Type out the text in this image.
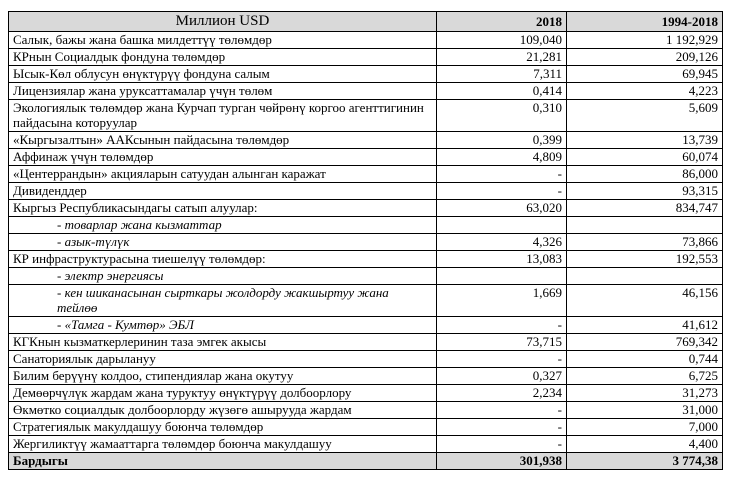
Миллион USD	2018	1994-2018
Салык, бажы жана башка милдеттүү төлөмдөр	109,040	1 192,929
КРнын Социалдык фондуна төлөмдөр	21,281	209,126
Ысык-Көл облусун өнүктүрүү фондуна салым	7,311	69,945
Лицензиялар жана уруксаттамалар үчүн төлөм	0,414	4,223
Экологиялык төлөмдөр жана Курчап турган чөйрөнү коргоо агенттигинин пайдасына которуулар	0,310	5,609
«Кыргызалтын» ААКсынын пайдасына төлөмдөр	0,399	13,739
Аффинаж үчүн төлөмдөр	4,809	60,074
«Центеррандын» акцияларын сатуудан алынган каражат	-	86,000
Дивиденддер	-	93,315
Кыргыз Республикасындагы сатып алуулар:	63,020	834,747
- товарлар жана кызматтар		
- азык-түлүк	4,326	73,866
КР инфраструктурасына тиешелүү төлөмдөр:	13,083	192,553
- электр энергиясы		
- кен шиканасынан сырткары жолдорду жакшыртуу жана тейлөө	1,669	46,156
- «Тамга - Кумтөр» ЭБЛ	-	41,612
КГКнын кызматкерлеринин таза эмгек акысы	73,715	769,342
Санаториялык дарылануу	-	0,744
Билим берүүнү колдоо, стипендиялар жана окутуу	0,327	6,725
Демөөрчүлүк жардам жана туруктуу өнүктүрүү долбоорлору	2,234	31,273
Өкмөтко социалдык долбоорлорду жүзөгө ашырууда жардам	-	31,000
Стратегиялык макулдашуу боюнча төлөмдөр	-	7,000
Жергиликтүү жамааттарга төлөмдөр боюнча макулдашуу	-	4,400
Бардыгы	301,938	3 774,38
